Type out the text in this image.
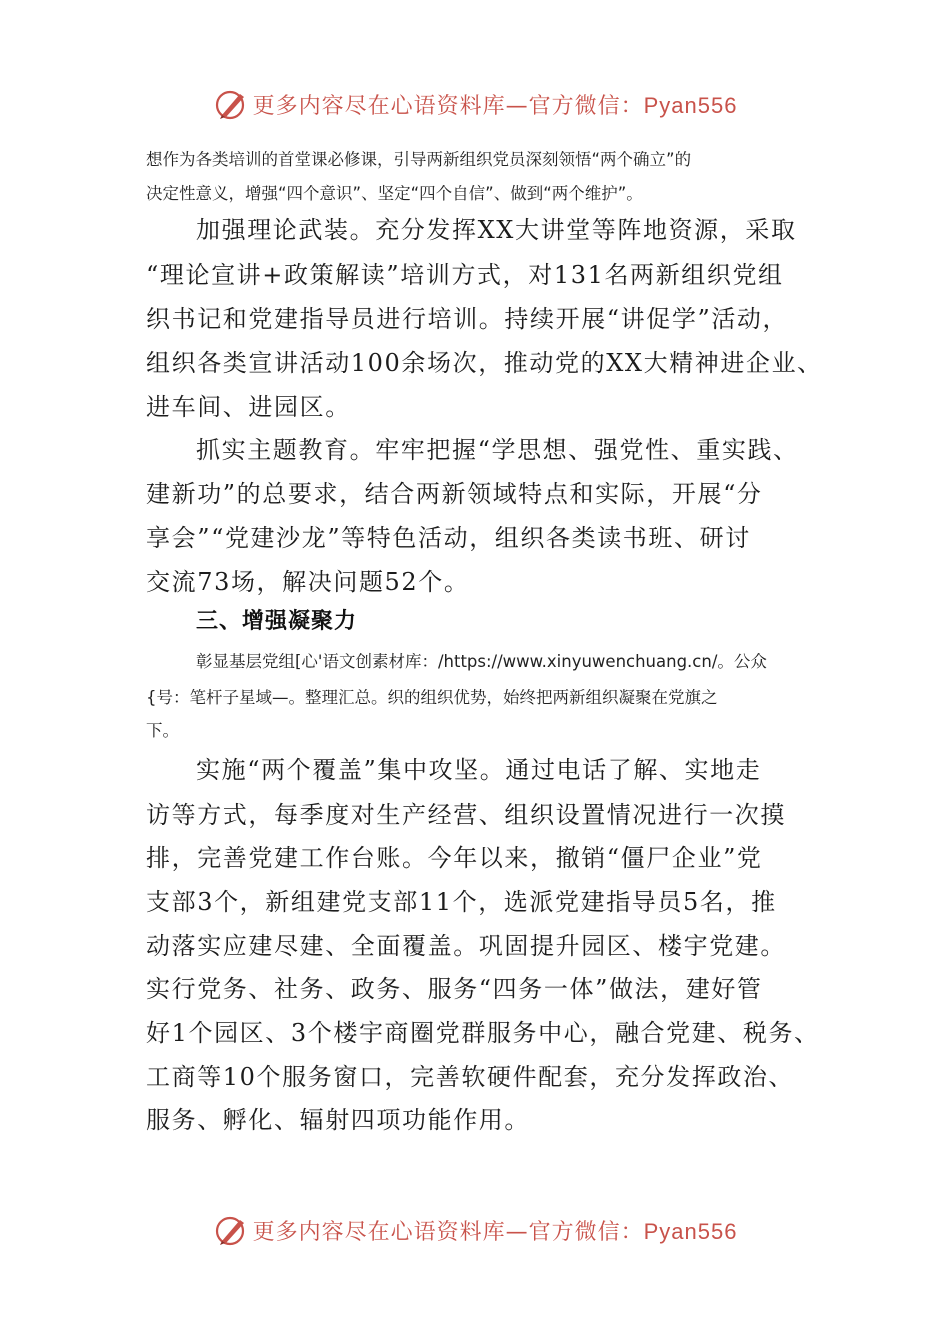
更多内容尽在心语资料库—官方微信：Pyan556
想作为各类培训的首堂课必修课，引导两新组织党员深刻领悟“两个确立”的
决定性意义，增强“四个意识”、坚定“四个自信”、做到“两个维护”。
加强理论武装。充分发挥XX大讲堂等阵地资源，采取
“理论宣讲+政策解读”培训方式，对131名两新组织党组
织书记和党建指导员进行培训。持续开展“讲促学”活动，
组织各类宣讲活动100余场次，推动党的XX大精神进企业、
进车间、进园区。
抓实主题教育。牢牢把握“学思想、强党性、重实践、
建新功”的总要求，结合两新领域特点和实际，开展“分
享会”“党建沙龙”等特色活动，组织各类读书班、研讨
交流73场，解决问题52个。
三、增强凝聚力
彰显基层党组[心'语文创素材库：/https://www.xinyuwenchuang.cn/。公众
{号：笔杆子星域—。整理汇总。织的组织优势，始终把两新组织凝聚在党旗之
下。
实施“两个覆盖”集中攻坚。通过电话了解、实地走
访等方式，每季度对生产经营、组织设置情况进行一次摸
排，完善党建工作台账。今年以来，撤销“僵尸企业”党
支部3个，新组建党支部11个，选派党建指导员5名，推
动落实应建尽建、全面覆盖。巩固提升园区、楼宇党建。
实行党务、社务、政务、服务“四务一体”做法，建好管
好1个园区、3个楼宇商圈党群服务中心，融合党建、税务、
工商等10个服务窗口，完善软硬件配套，充分发挥政治、
服务、孵化、辐射四项功能作用。
更多内容尽在心语资料库—官方微信：Pyan556
